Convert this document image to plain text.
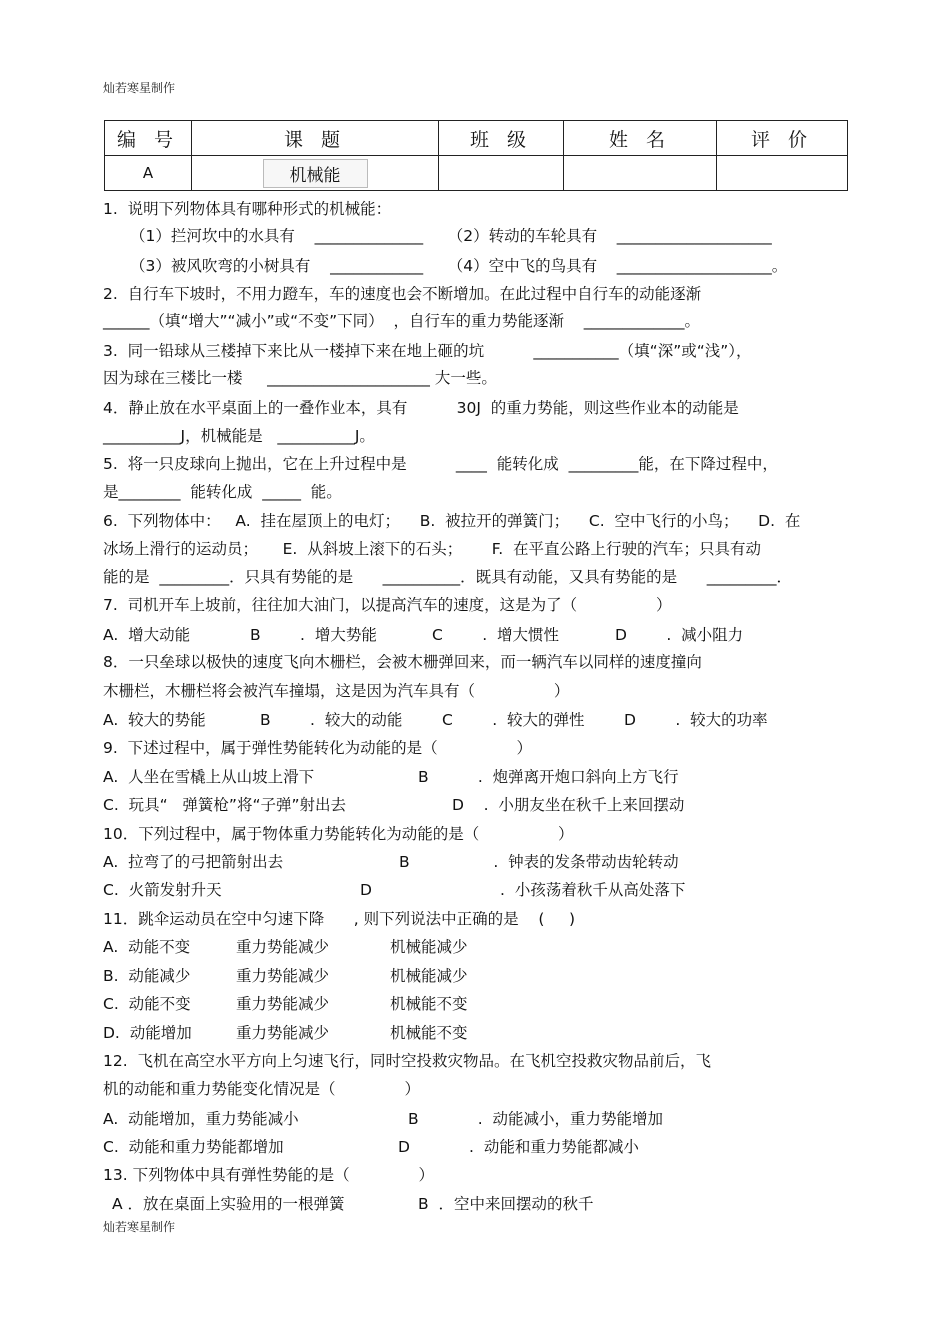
灿若寒星制作
编 号	课 题	班 级	姓 名	评 价
A	机械能			
1.  说明下列物体具有哪种形式的机械能：
（1）拦河坎中的水具有    ______________     （2）转动的车轮具有    ____________________
（3）被风吹弯的小树具有    ____________     （4）空中飞的鸟具有    ____________________。
2.  自行车下坡时，不用力蹬车，车的速度也会不断增加。在此过程中自行车的动能逐渐
______（填“增大”“减小”或“不变”下同）  ，自行车的重力势能逐渐    _____________。
3.  同一铅球从三楼掉下来比从一楼掉下来在地上砸的坑          ___________（填“深”或“浅”），
因为球在三楼比一楼     _____________________ 大一些。
4．静止放在水平桌面上的一叠作业本，具有          30J  的重力势能，则这些作业本的动能是
__________J，机械能是   __________J。
5.  将一只皮球向上抛出，它在上升过程中是          ____  能转化成  _________能，在下降过程中，
是________  能转化成  _____  能。
6.  下列物体中：   A.  挂在屋顶上的电灯；    B.  被拉开的弹簧门；    C.  空中飞行的小鸟；    D.  在
冰场上滑行的运动员；     E.  从斜坡上滚下的石头；      F.  在平直公路上行驶的汽车；只具有动
能的是  _________．只具有势能的是      __________．既具有动能，又具有势能的是      _________．
7.  司机开车上坡前，往往加大油门，以提高汽车的速度，这是为了（                ）
A.  增大动能	B        .  增大势能	C        .  增大惯性	D        .  减小阻力
8．一只垒球以极快的速度飞向木栅栏，会被木栅弹回来，而一辆汽车以同样的速度撞向
木栅栏，木栅栏将会被汽车撞塌，这是因为汽车具有（                ）
A.  较大的势能	B        .  较大的动能	C        .  较大的弹性	D        .  较大的功率
9.  下述过程中，属于弹性势能转化为动能的是（                ）
A.  人坐在雪橇上从山坡上滑下	B          .  炮弹离开炮口斜向上方飞行
C.  玩具“   弹簧枪”将“子弹”射出去	D    .  小朋友坐在秋千上来回摆动
10．下列过程中，属于物体重力势能转化为动能的是（                ）
A.  拉弯了的弓把箭射出去	B                 .  钟表的发条带动齿轮转动
C.  火箭发射升天	D                          .  小孩荡着秋千从高处落下
11．跳伞运动员在空中匀速下降      , 则下列说法中正确的是    (     )
A.  动能不变	重力势能减少	机械能减少
B.  动能减少	重力势能减少	机械能减少
C.  动能不变	重力势能减少	机械能不变
D.  动能增加	重力势能减少	机械能不变
12.  飞机在高空水平方向上匀速飞行，同时空投救灾物品。在飞机空投救灾物品前后，飞
机的动能和重力势能变化情况是（              ）
A.  动能增加，重力势能减小	B            .  动能减小，重力势能增加
C.  动能和重力势能都增加	D            .  动能和重力势能都减小
13. 下列物体中具有弹性势能的是（              ）
A ．放在桌面上实验用的一根弹簧	B  ．空中来回摆动的秋千
灿若寒星制作
